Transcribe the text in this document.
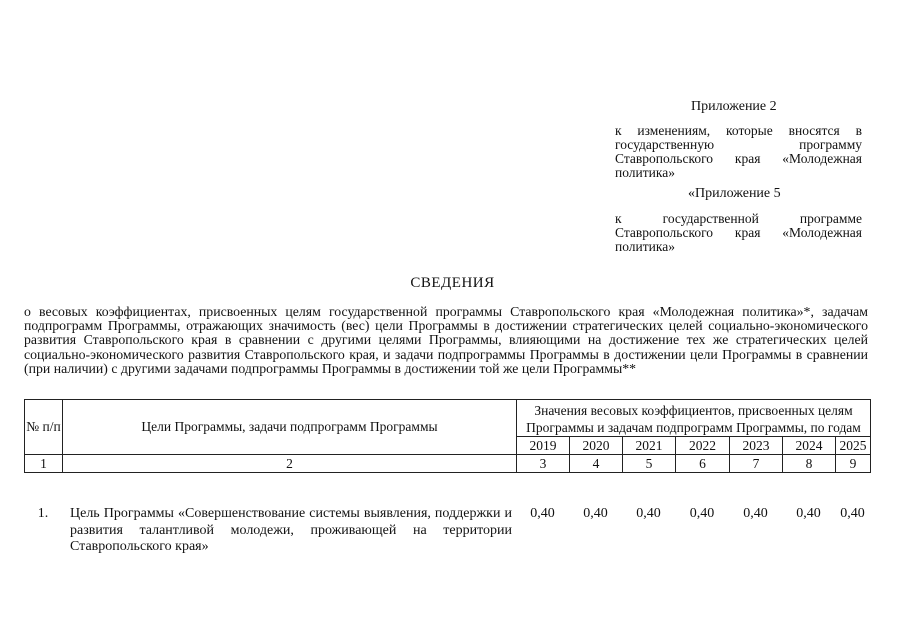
Приложение 2
к изменениям, которые вносятся в государственную программу Ставропольского края «Молодежная политика»
«Приложение 5
к государственной программе Ставропольского края «Молодежная политика»
СВЕДЕНИЯ
о весовых коэффициентах, присвоенных целям государственной программы Ставропольского края «Молодежная политика»*, задачам подпрограмм Программы, отражающих значимость (вес) цели Программы в достижении стратегических целей социально-экономического развития Ставропольского края в сравнении с другими целями Программы, влияющими на достижение тех же стратегических целей социально-экономического развития Ставропольского края, и задачи подпрограммы Программы в достижении цели Программы в сравнении (при наличии) с другими задачами подпрограммы Программы в достижении той же цели Программы**
№ п/п	Цели Программы, задачи подпрограмм Программы	Значения весовых коэффициентов, присвоенных целям Программы и задачам подпрограмм Программы, по годам						
		2019	2020	2021	2022	2023	2024	2025
1	2	3	4	5	6	7	8	9
1.	Цель Программы «Совершенствование системы выявления, поддержки и развития талантливой молодежи, проживающей на территории Ставропольского края»	0,40	0,40	0,40	0,40	0,40	0,40	0,40
